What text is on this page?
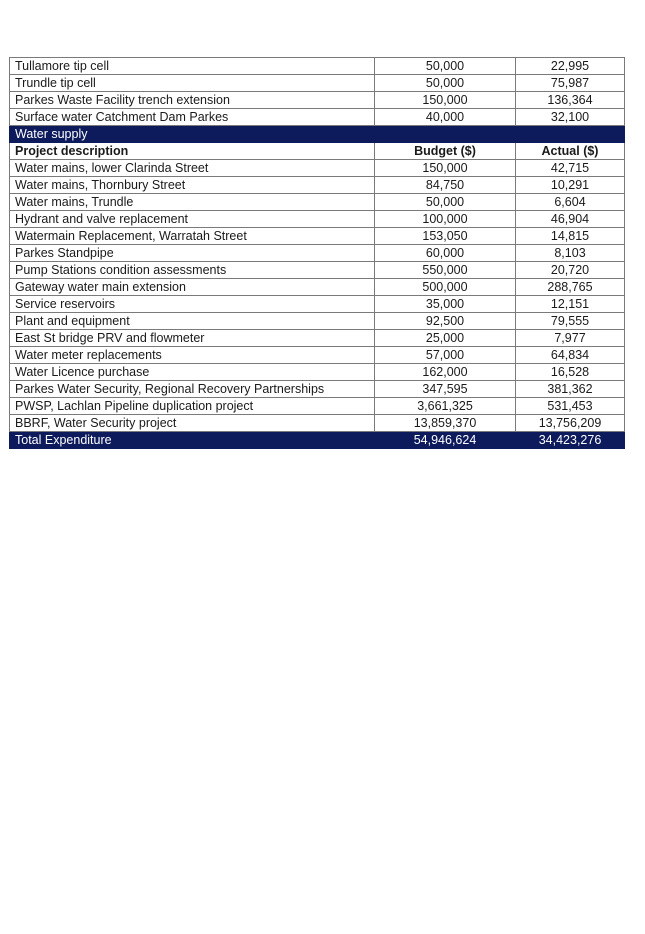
Tullamore tip cell	50,000	22,995
Trundle tip cell	50,000	75,987
Parkes Waste Facility trench extension	150,000	136,364
Surface water Catchment Dam Parkes	40,000	32,100
Water supply		
Project description	Budget ($)	Actual ($)
Water mains, lower Clarinda Street	150,000	42,715
Water mains, Thornbury Street	84,750	10,291
Water mains, Trundle	50,000	6,604
Hydrant and valve replacement	100,000	46,904
Watermain Replacement, Warratah Street	153,050	14,815
Parkes Standpipe	60,000	8,103
Pump Stations condition assessments	550,000	20,720
Gateway water main extension	500,000	288,765
Service reservoirs	35,000	12,151
Plant and equipment	92,500	79,555
East St bridge PRV and flowmeter	25,000	7,977
Water meter replacements	57,000	64,834
Water Licence purchase	162,000	16,528
Parkes Water Security, Regional Recovery Partnerships	347,595	381,362
PWSP, Lachlan Pipeline duplication project	3,661,325	531,453
BBRF, Water Security project	13,859,370	13,756,209
Total Expenditure	54,946,624	34,423,276
